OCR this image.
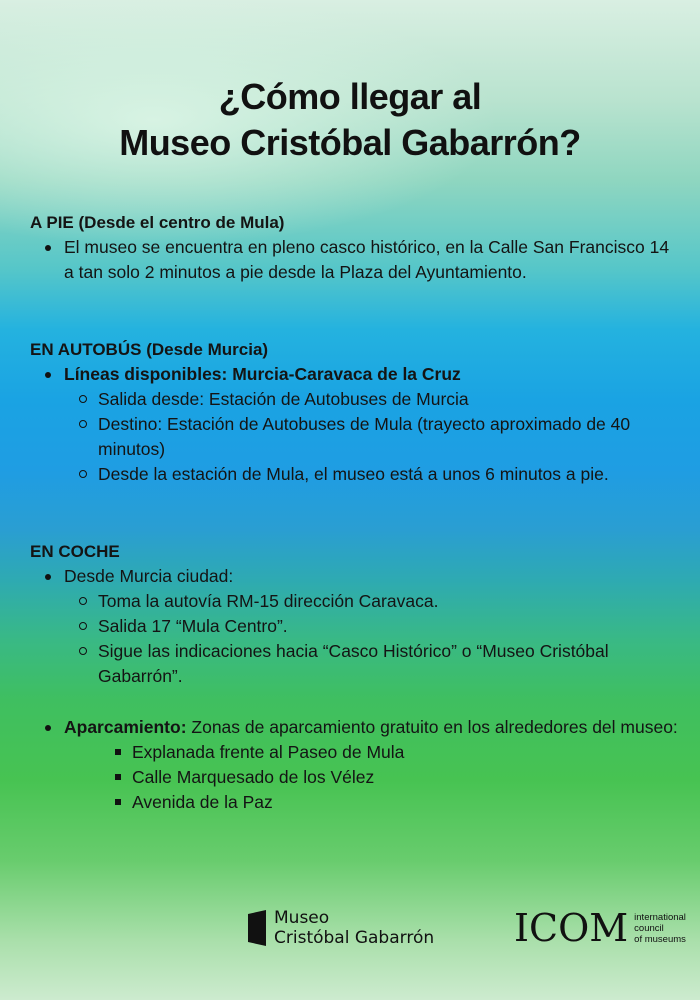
¿Cómo llegar al
Museo Cristóbal Gabarrón?
A PIE (Desde el centro de Mula)
El museo se encuentra en pleno casco histórico, en la Calle San Francisco 14 a tan solo 2 minutos a pie desde la Plaza del Ayuntamiento.
EN AUTOBÚS (Desde Murcia)
Líneas disponibles: Murcia-Caravaca de la Cruz
Salida desde: Estación de Autobuses de Murcia
Destino: Estación de Autobuses de Mula (trayecto aproximado de 40 minutos)
Desde la estación de Mula, el museo está a unos 6 minutos a pie.
EN COCHE
Desde Murcia ciudad:
Toma la autovía RM-15 dirección Caravaca.
Salida 17 “Mula Centro”.
Sigue las indicaciones hacia “Casco Histórico” o “Museo Cristóbal Gabarrón”.
Aparcamiento: Zonas de aparcamiento gratuito en los alrededores del museo:
Explanada frente al Paseo de Mula
Calle Marquesado de los Vélez
Avenida de la Paz
Museo
Cristóbal Gabarrón ICOM international
council
of museums
